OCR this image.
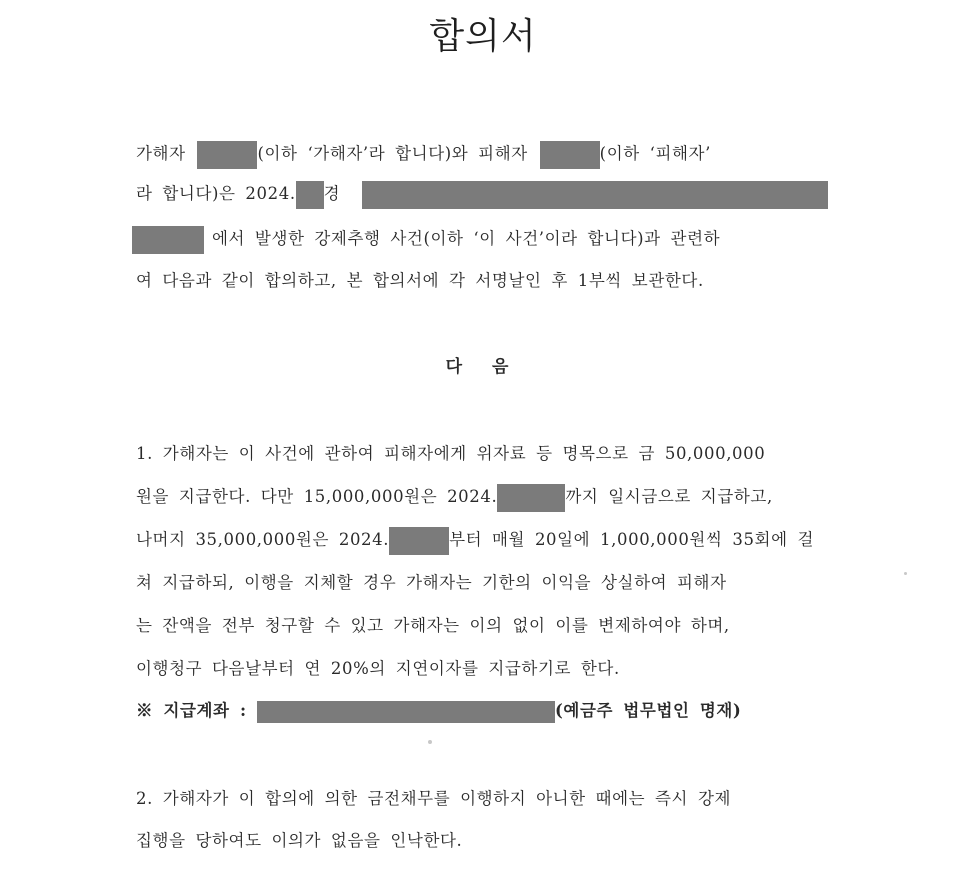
합의서
가해자	(이하 ‘가해자’라 합니다)와 피해자	(이하 ‘피해자’
라 합니다)은 2024. 경
에서 발생한 강제추행 사건(이하 ‘이 사건’이라 합니다)과 관련하
여 다음과 같이 합의하고, 본 합의서에 각 서명날인 후 1부씩 보관한다.
다 음
1. 가해자는 이 사건에 관하여 피해자에게 위자료 등 명목으로 금 50,000,000
원을 지급한다. 다만 15,000,000원은 2024.	까지 일시금으로 지급하고,
나머지 35,000,000원은 2024.	부터 매월 20일에 1,000,000원씩 35회에 걸
쳐 지급하되, 이행을 지체할 경우 가해자는 기한의 이익을 상실하여 피해자
는 잔액을 전부 청구할 수 있고 가해자는 이의 없이 이를 변제하여야 하며,
이행청구 다음날부터 연 20%의 지연이자를 지급하기로 한다.
※ 지급계좌 :	(예금주 법무법인 명재)
2. 가해자가 이 합의에 의한 금전채무를 이행하지 아니한 때에는 즉시 강제
집행을 당하여도 이의가 없음을 인낙한다.
